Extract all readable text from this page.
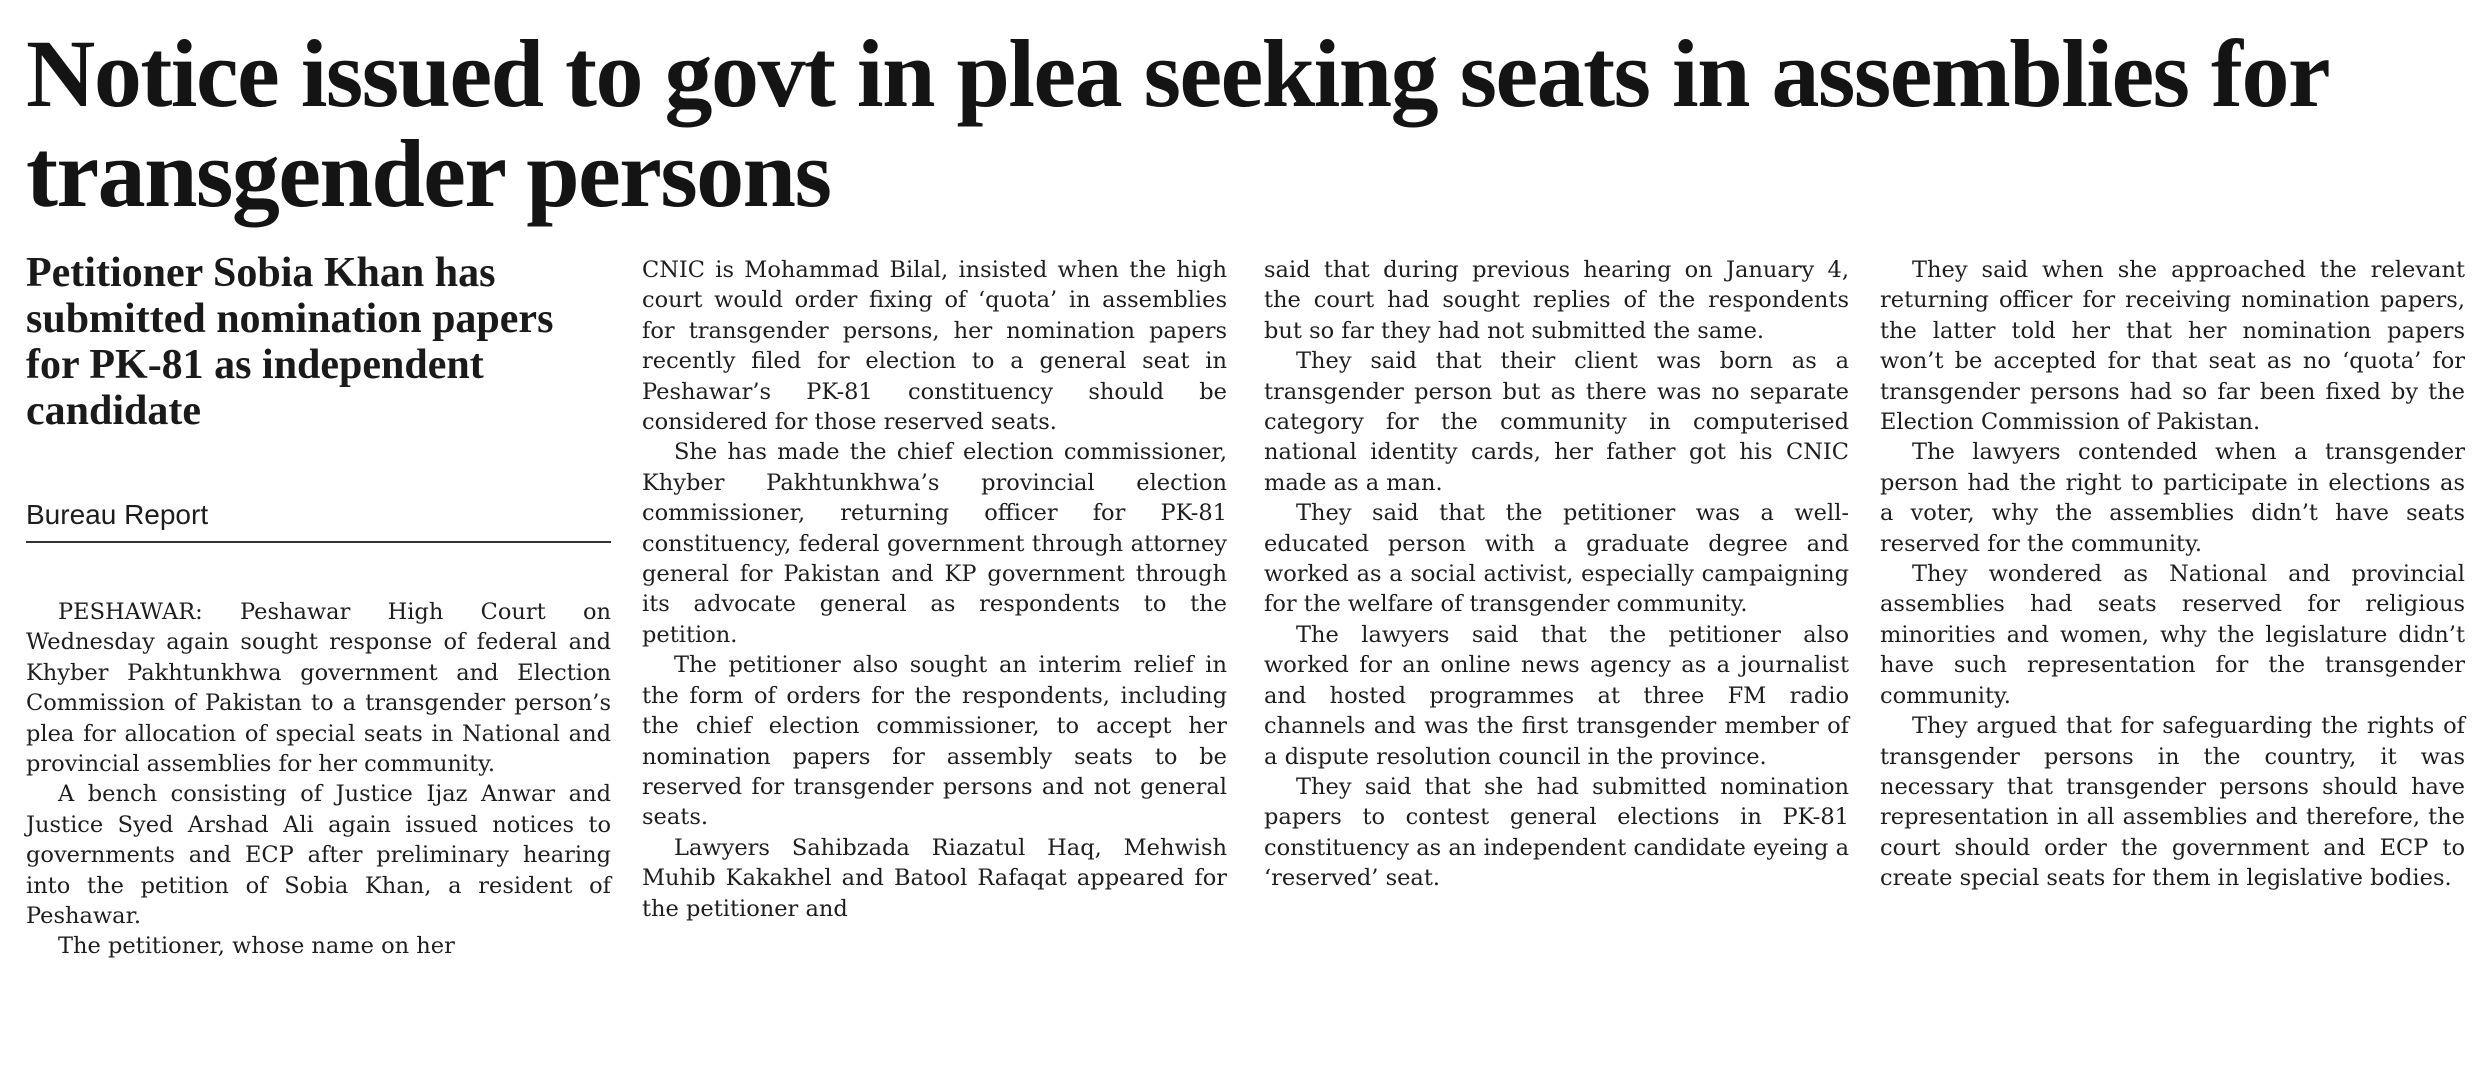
Notice issued to govt in plea seeking seats in assemblies for transgender persons
Petitioner Sobia Khan has submitted nomination papers for PK-81 as independent candidate
Bureau Report

PESHAWAR: Peshawar High Court on Wednesday again sought response of federal and Khyber Pakhtunkhwa government and Election Commission of Pakistan to a transgender person’s plea for allocation of special seats in National and provincial assemblies for her community.

A bench consisting of Justice Ijaz Anwar and Justice Syed Arshad Ali again issued notices to governments and ECP after preliminary hearing into the petition of Sobia Khan, a resident of Peshawar.

The petitioner, whose name on her

CNIC is Mohammad Bilal, insisted when the high court would order fixing of ‘quota’ in assemblies for transgender persons, her nomination papers recently filed for election to a general seat in Peshawar’s PK-81 constituency should be considered for those reserved seats.

She has made the chief election commissioner, Khyber Pakhtunkhwa’s provincial election commissioner, returning officer for PK-81 constituency, federal government through attorney general for Pakistan and KP government through its advocate general as respondents to the petition.

The petitioner also sought an interim relief in the form of orders for the respondents, including the chief election commissioner, to accept her nomination papers for assembly seats to be reserved for transgender persons and not general seats.

Lawyers Sahibzada Riazatul Haq, Mehwish Muhib Kakakhel and Batool Rafaqat appeared for the petitioner and

said that during previous hearing on January 4, the court had sought replies of the respondents but so far they had not submitted the same.

They said that their client was born as a transgender person but as there was no separate category for the community in computerised national identity cards, her father got his CNIC made as a man.

They said that the petitioner was a well-educated person with a graduate degree and worked as a social activist, especially campaigning for the welfare of transgender community.

The lawyers said that the petitioner also worked for an online news agency as a journalist and hosted programmes at three FM radio channels and was the first transgender member of a dispute resolution council in the province.

They said that she had submitted nomination papers to contest general elections in PK-81 constituency as an independent candidate eyeing a ‘reserved’ seat.

They said when she approached the relevant returning officer for receiving nomination papers, the latter told her that her nomination papers won’t be accepted for that seat as no ‘quota’ for transgender persons had so far been fixed by the Election Commission of Pakistan.

The lawyers contended when a transgender person had the right to participate in elections as a voter, why the assemblies didn’t have seats reserved for the community.

They wondered as National and provincial assemblies had seats reserved for religious minorities and women, why the legislature didn’t have such representation for the transgender community.

They argued that for safeguarding the rights of transgender persons in the country, it was necessary that transgender persons should have representation in all assemblies and therefore, the court should order the government and ECP to create special seats for them in legislative bodies.
